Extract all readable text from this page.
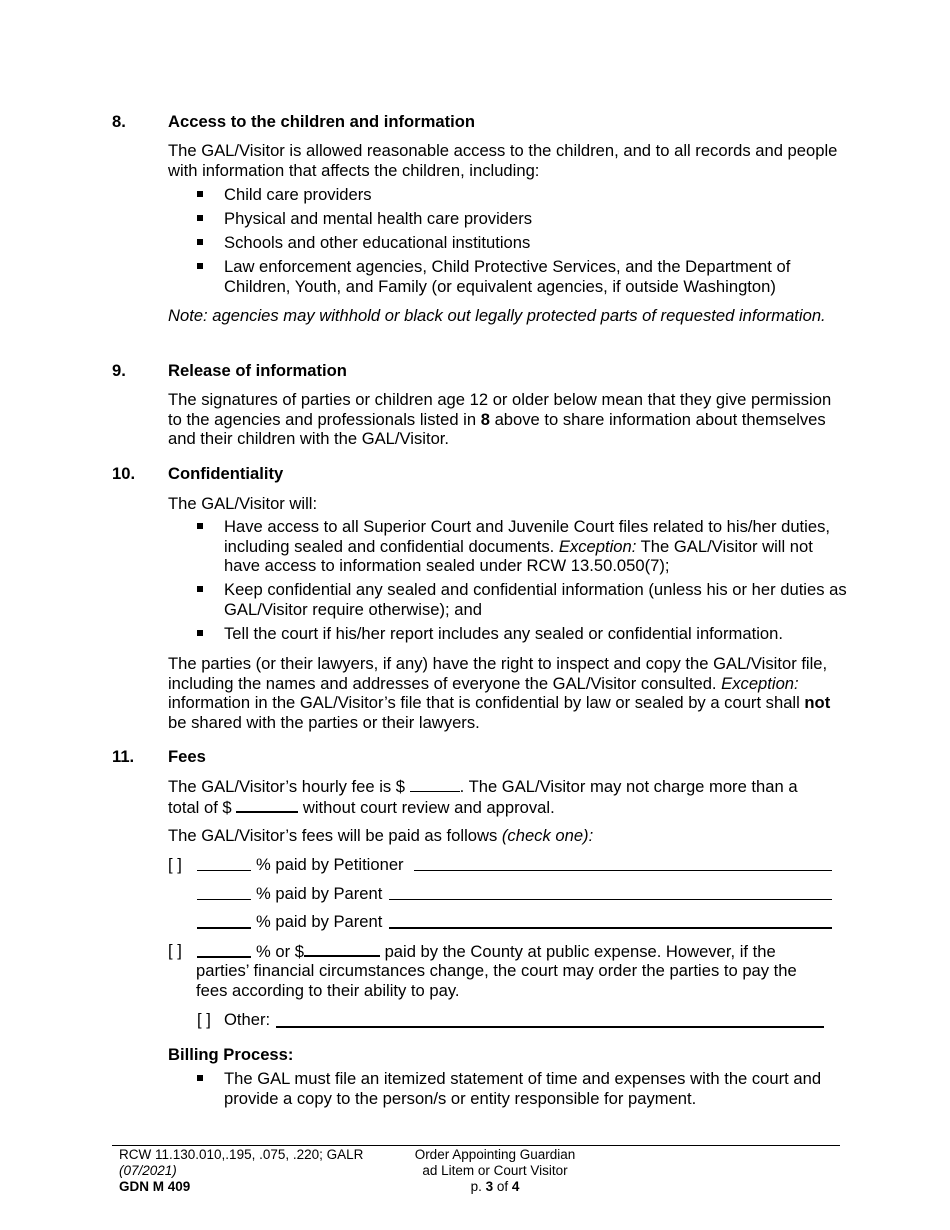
8.	Access to the children and information
The GAL/Visitor is allowed reasonable access to the children, and to all records and people with information that affects the children, including:
Child care providers
Physical and mental health care providers
Schools and other educational institutions
Law enforcement agencies, Child Protective Services, and the Department of Children, Youth, and Family (or equivalent agencies, if outside Washington)
Note: agencies may withhold or black out legally protected parts of requested information.
9.	Release of information
The signatures of parties or children age 12 or older below mean that they give permission to the agencies and professionals listed in 8 above to share information about themselves and their children with the GAL/Visitor.
10. Confidentiality
The GAL/Visitor will:
Have access to all Superior Court and Juvenile Court files related to his/her duties, including sealed and confidential documents. Exception: The GAL/Visitor will not have access to information sealed under RCW 13.50.050(7);
Keep confidential any sealed and confidential information (unless his or her duties as GAL/Visitor require otherwise); and
Tell the court if his/her report includes any sealed or confidential information.
The parties (or their lawyers, if any) have the right to inspect and copy the GAL/Visitor file, including the names and addresses of everyone the GAL/Visitor consulted. Exception: information in the GAL/Visitor’s file that is confidential by law or sealed by a court shall not be shared with the parties or their lawyers.
11. Fees
The GAL/Visitor’s hourly fee is $	. The GAL/Visitor may not charge more than a
total of $	without court review and approval.
The GAL/Visitor’s fees will be paid as follows (check one):
[ ]	% paid by Petitioner
% paid by Parent
% paid by Parent
[ ]	% or $	paid by the County at public expense. However, if the
parties’ financial circumstances change, the court may order the parties to pay the
fees according to their ability to pay.
[ ] Other:
Billing Process:
The GAL must file an itemized statement of time and expenses with the court and provide a copy to the person/s or entity responsible for payment.
RCW 11.130.010,.195, .075, .220; GALR
(07/2021)
GDN M 409
Order Appointing Guardian
ad Litem or Court Visitor
p. 3 of 4
